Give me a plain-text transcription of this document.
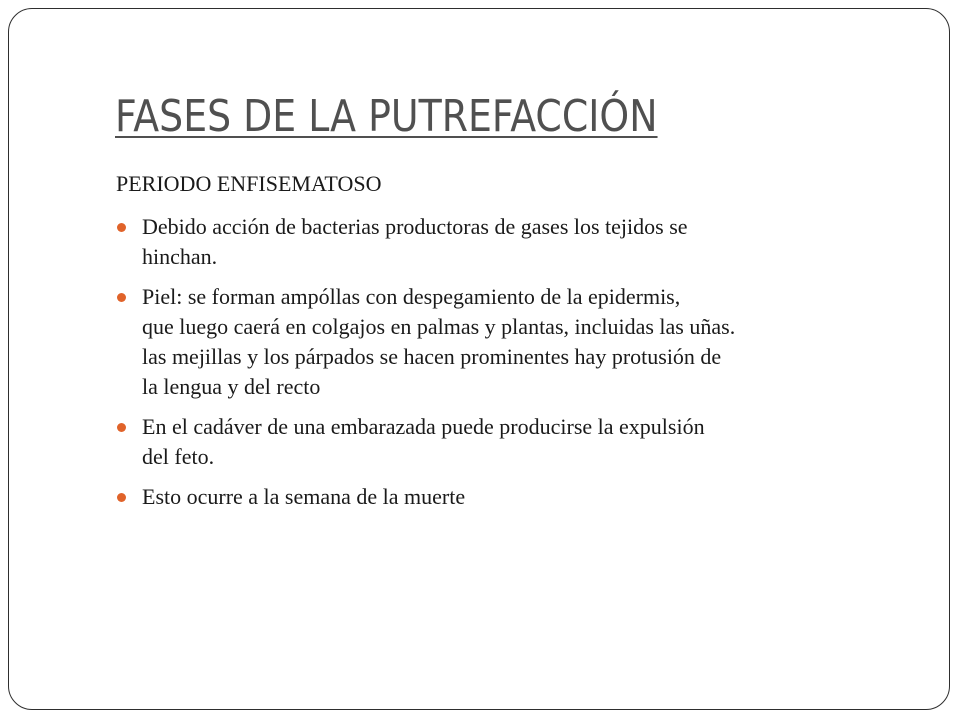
FASES DE LA PUTREFACCIÓN
PERIODO ENFISEMATOSO
Debido acción de bacterias productoras de gases los tejidos se
hinchan.
Piel: se forman ampóllas con despegamiento de la epidermis,
que luego caerá en colgajos en palmas y plantas, incluidas las uñas.
las mejillas y los párpados se hacen prominentes hay protusión de
la lengua y del recto
En el cadáver de una embarazada puede producirse la expulsión
del feto.
Esto ocurre a la semana de la muerte
